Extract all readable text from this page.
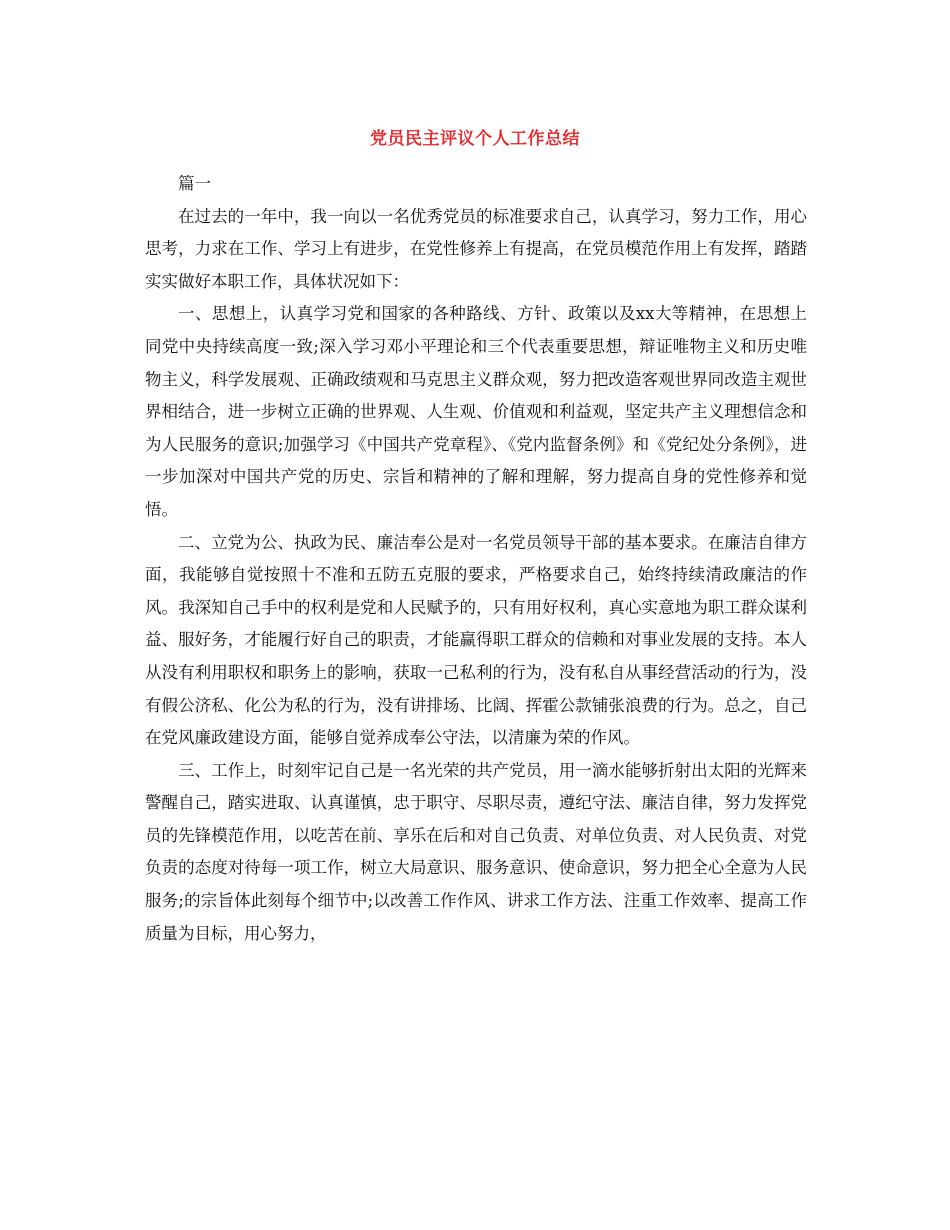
党员民主评议个人工作总结

篇一

在过去的一年中，我一向以一名优秀党员的标准要求自己，认真学习，努力工作，用心思考，力求在工作、学习上有进步，在党性修养上有提高，在党员模范作用上有发挥，踏踏实实做好本职工作，具体状况如下：

一、思想上，认真学习党和国家的各种路线、方针、政策以及xx大等精神，在思想上同党中央持续高度一致;深入学习邓小平理论和三个代表重要思想，辩证唯物主义和历史唯物主义，科学发展观、正确政绩观和马克思主义群众观，努力把改造客观世界同改造主观世界相结合，进一步树立正确的世界观、人生观、价值观和利益观，坚定共产主义理想信念和为人民服务的意识;加强学习《中国共产党章程》、《党内监督条例》和《党纪处分条例》，进一步加深对中国共产党的历史、宗旨和精神的了解和理解，努力提高自身的党性修养和觉悟。

二、立党为公、执政为民、廉洁奉公是对一名党员领导干部的基本要求。在廉洁自律方面，我能够自觉按照十不准和五防五克服的要求，严格要求自己，始终持续清政廉洁的作风。我深知自己手中的权利是党和人民赋予的，只有用好权利，真心实意地为职工群众谋利益、服好务，才能履行好自己的职责，才能赢得职工群众的信赖和对事业发展的支持。本人从没有利用职权和职务上的影响，获取一己私利的行为，没有私自从事经营活动的行为，没有假公济私、化公为私的行为，没有讲排场、比阔、挥霍公款铺张浪费的行为。总之，自己在党风廉政建设方面，能够自觉养成奉公守法，以清廉为荣的作风。

三、工作上，时刻牢记自己是一名光荣的共产党员，用一滴水能够折射出太阳的光辉来警醒自己，踏实进取、认真谨慎，忠于职守、尽职尽责，遵纪守法、廉洁自律，努力发挥党员的先锋模范作用，以吃苦在前、享乐在后和对自己负责、对单位负责、对人民负责、对党负责的态度对待每一项工作，树立大局意识、服务意识、使命意识，努力把全心全意为人民服务;的宗旨体此刻每个细节中;以改善工作作风、讲求工作方法、注重工作效率、提高工作质量为目标，用心努力，
